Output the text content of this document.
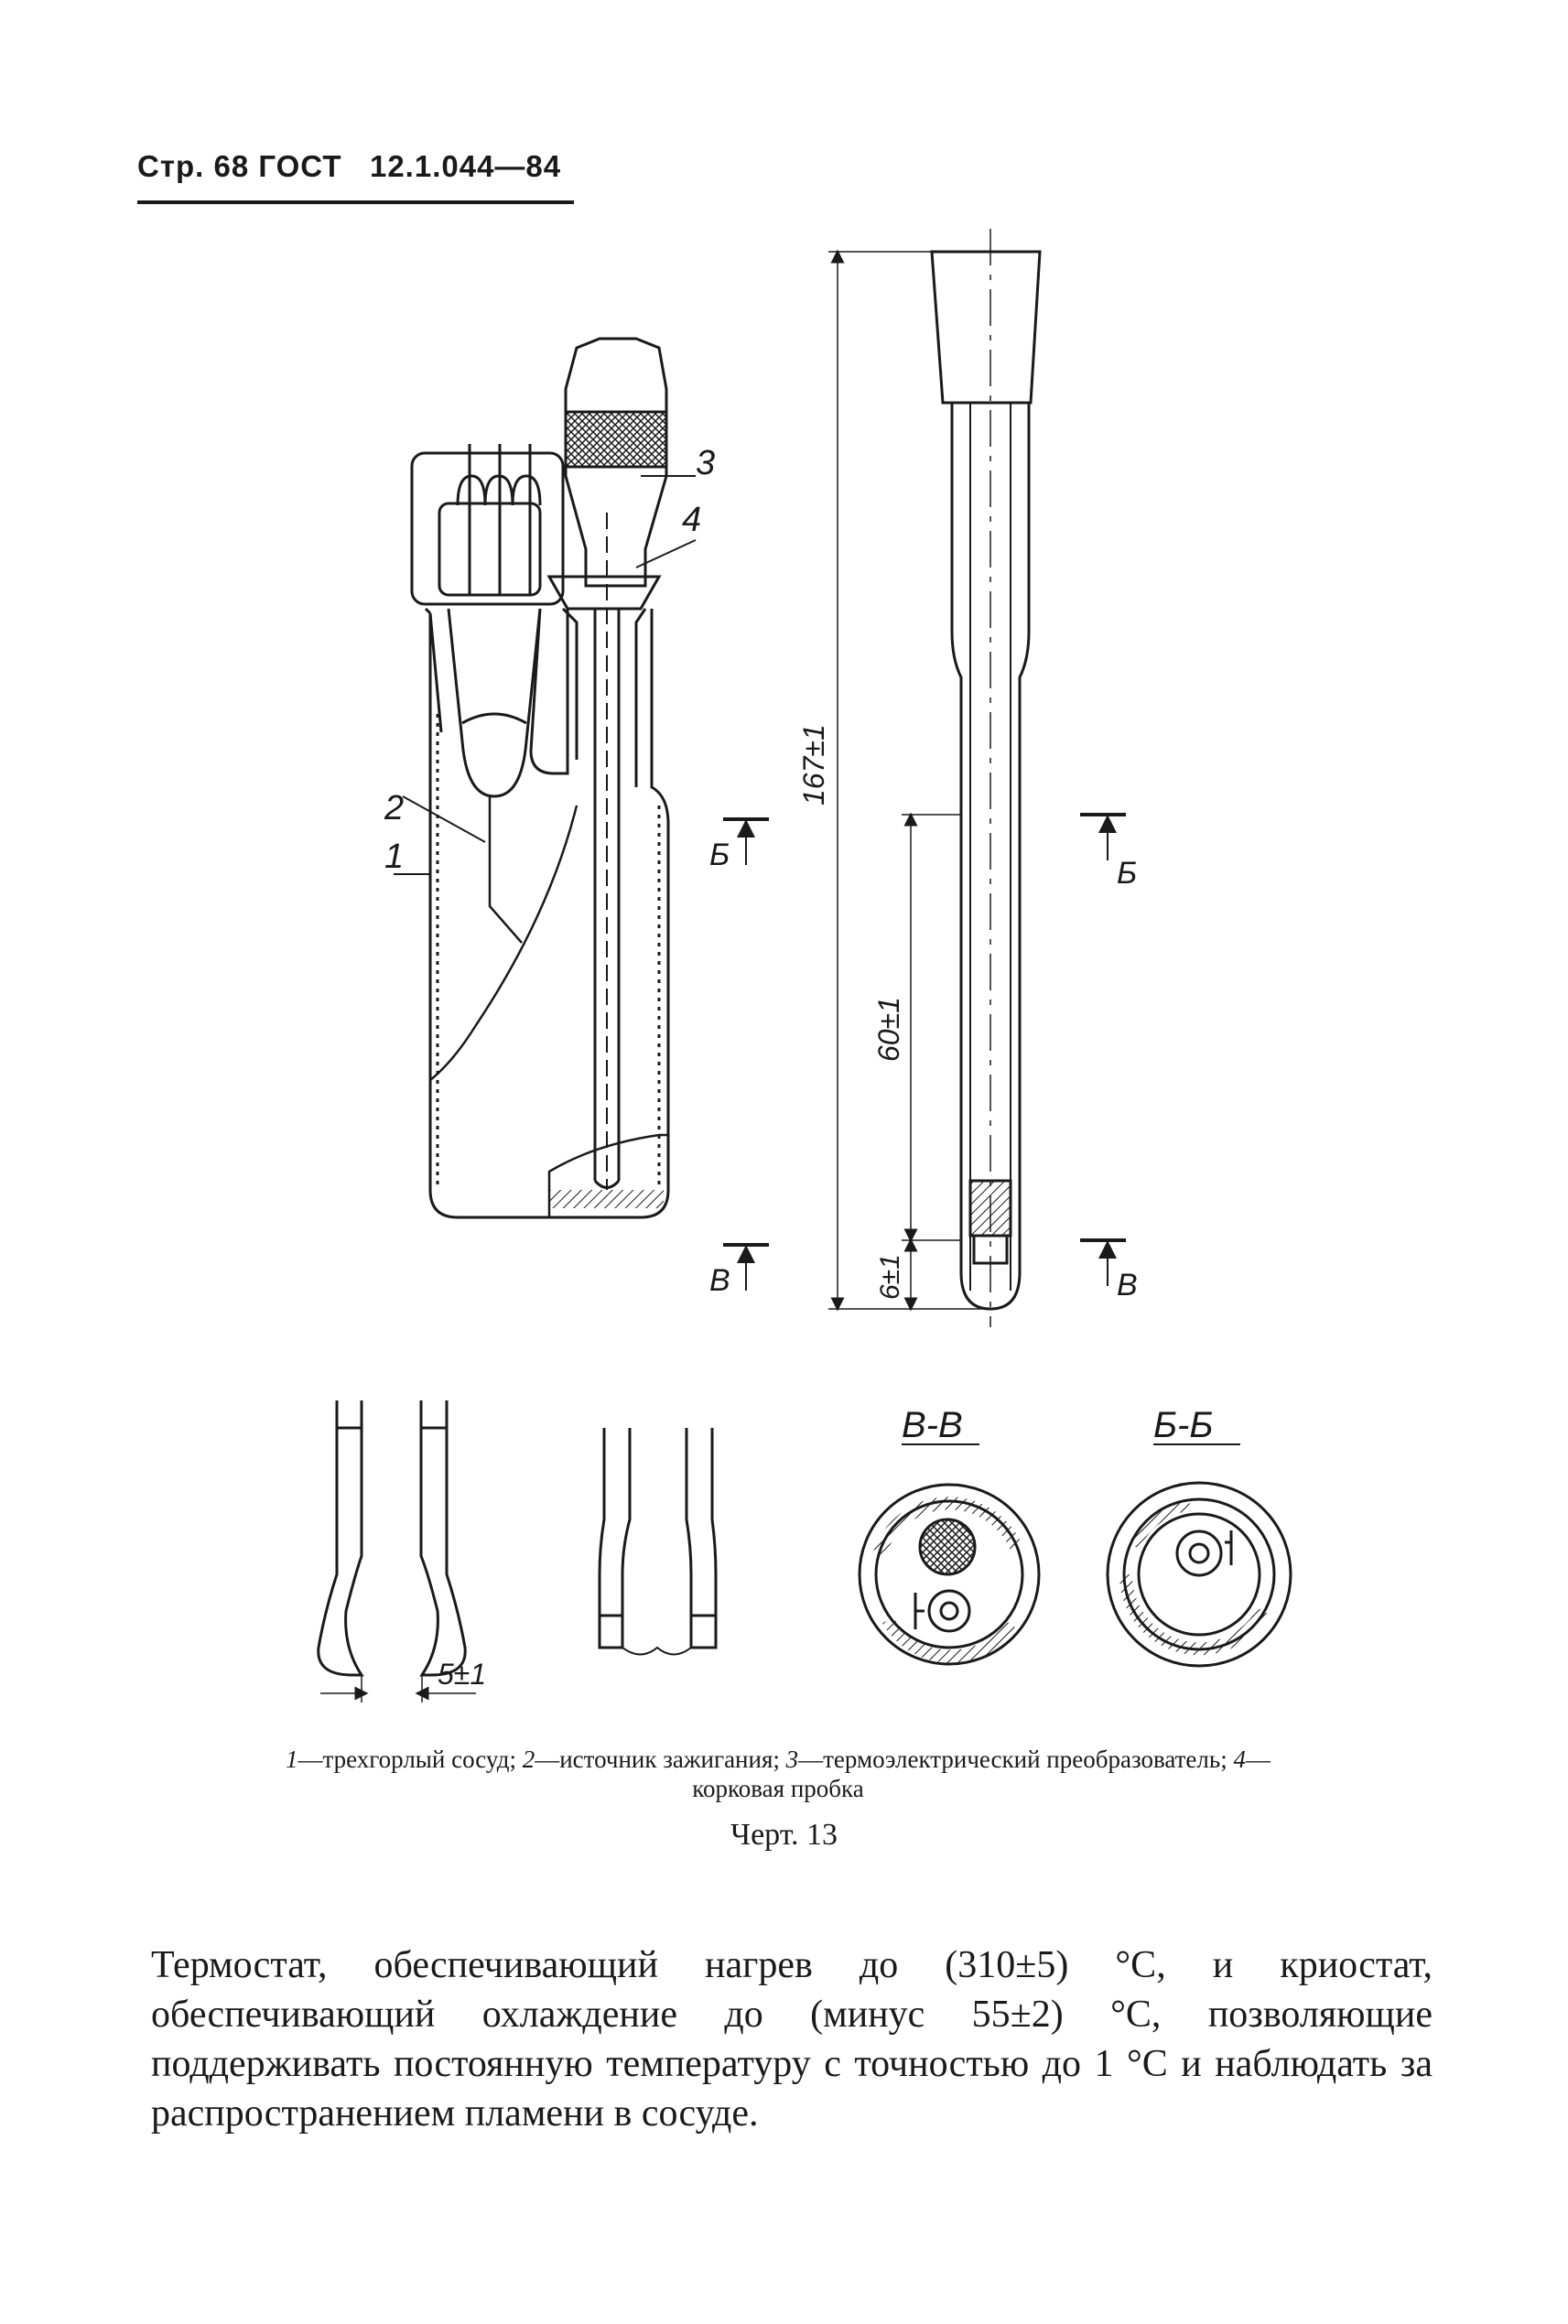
Стр. 68 ГОСТ   12.1.044—84
2
1
3
4
Б
В
167±1
60±1
6±1
Б
В
5±1
В-В	Б-Б
1—трехгорлый сосуд; 2—источник зажигания; 3—термоэлектрический преобразователь; 4—корковая пробка
Черт. 13
Термостат, обеспечивающий нагрев до (310±5) °С, и криостат, обеспечивающий охлаждение до (минус 55±2) °С, позволяющие поддерживать постоянную температуру с точностью до 1 °С и наблюдать за распространением пламени в сосуде.
